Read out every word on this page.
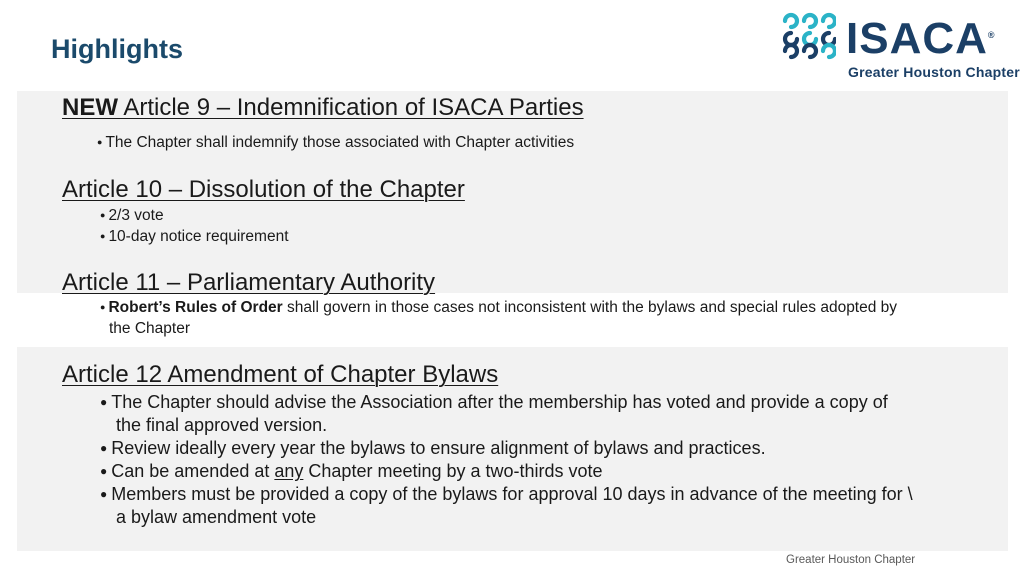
Highlights	ISACA®
Greater Houston Chapter
NEW Article 9 – Indemnification of ISACA Parties
● The Chapter shall indemnify those associated with Chapter activities
Article 10 – Dissolution of the Chapter
● 2/3 vote
● 10-day notice requirement
Article 11 – Parliamentary Authority
● Robert’s Rules of Order shall govern in those cases not inconsistent with the bylaws and special rules adopted by
the Chapter
Article 12 Amendment of Chapter Bylaws
● The Chapter should advise the Association after the membership has voted and provide a copy of
the final approved version.
● Review ideally every year the bylaws to ensure alignment of bylaws and practices.
● Can be amended at any Chapter meeting by a two-thirds vote
● Members must be provided a copy of the bylaws for approval 10 days in advance of the meeting for \
a bylaw amendment vote
Greater Houston Chapter
